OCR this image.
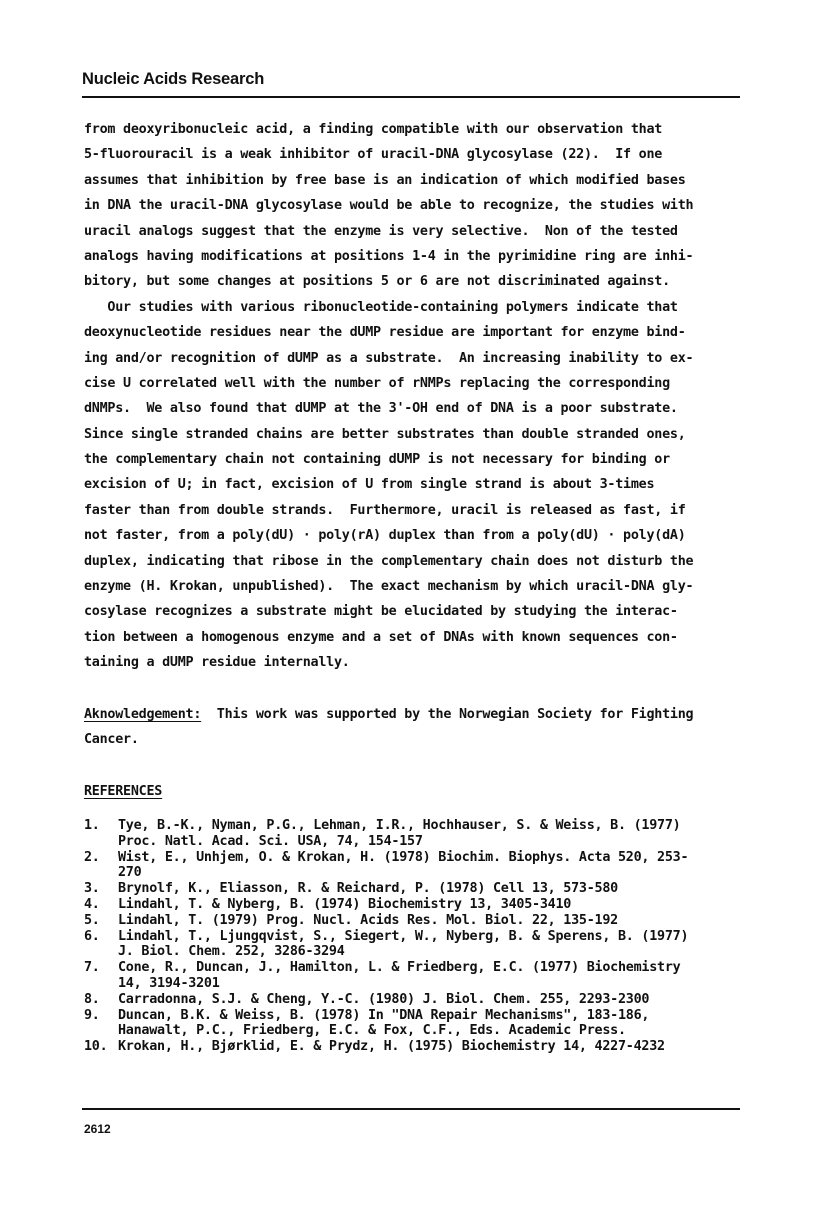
Nucleic Acids Research
from deoxyribonucleic acid, a finding compatible with our observation that
5-fluorouracil is a weak inhibitor of uracil-DNA glycosylase (22).  If one
assumes that inhibition by free base is an indication of which modified bases
in DNA the uracil-DNA glycosylase would be able to recognize, the studies with
uracil analogs suggest that the enzyme is very selective.  Non of the tested
analogs having modifications at positions 1-4 in the pyrimidine ring are inhi-
bitory, but some changes at positions 5 or 6 are not discriminated against.
Our studies with various ribonucleotide-containing polymers indicate that
deoxynucleotide residues near the dUMP residue are important for enzyme bind-
ing and/or recognition of dUMP as a substrate.  An increasing inability to ex-
cise U correlated well with the number of rNMPs replacing the corresponding
dNMPs.  We also found that dUMP at the 3'-OH end of DNA is a poor substrate.
Since single stranded chains are better substrates than double stranded ones,
the complementary chain not containing dUMP is not necessary for binding or
excision of U; in fact, excision of U from single strand is about 3-times
faster than from double strands.  Furthermore, uracil is released as fast, if
not faster, from a poly(dU) · poly(rA) duplex than from a poly(dU) · poly(dA)
duplex, indicating that ribose in the complementary chain does not disturb the
enzyme (H. Krokan, unpublished).  The exact mechanism by which uracil-DNA gly-
cosylase recognizes a substrate might be elucidated by studying the interac-
tion between a homogenous enzyme and a set of DNAs with known sequences con-
taining a dUMP residue internally.
Aknowledgement:  This work was supported by the Norwegian Society for Fighting
Cancer.
REFERENCES
1.	Tye, B.-K., Nyman, P.G., Lehman, I.R., Hochhauser, S. & Weiss, B. (1977)
Proc. Natl. Acad. Sci. USA, 74, 154-157
2.	Wist, E., Unhjem, O. & Krokan, H. (1978) Biochim. Biophys. Acta 520, 253-
270
3.	Brynolf, K., Eliasson, R. & Reichard, P. (1978) Cell 13, 573-580
4.	Lindahl, T. & Nyberg, B. (1974) Biochemistry 13, 3405-3410
5.	Lindahl, T. (1979) Prog. Nucl. Acids Res. Mol. Biol. 22, 135-192
6.	Lindahl, T., Ljungqvist, S., Siegert, W., Nyberg, B. & Sperens, B. (1977)
J. Biol. Chem. 252, 3286-3294
7.	Cone, R., Duncan, J., Hamilton, L. & Friedberg, E.C. (1977) Biochemistry
14, 3194-3201
8.	Carradonna, S.J. & Cheng, Y.-C. (1980) J. Biol. Chem. 255, 2293-2300
9.	Duncan, B.K. & Weiss, B. (1978) In "DNA Repair Mechanisms", 183-186,
Hanawalt, P.C., Friedberg, E.C. & Fox, C.F., Eds. Academic Press.
10. Krokan, H., Bjørklid, E. & Prydz, H. (1975) Biochemistry 14, 4227-4232
2612
